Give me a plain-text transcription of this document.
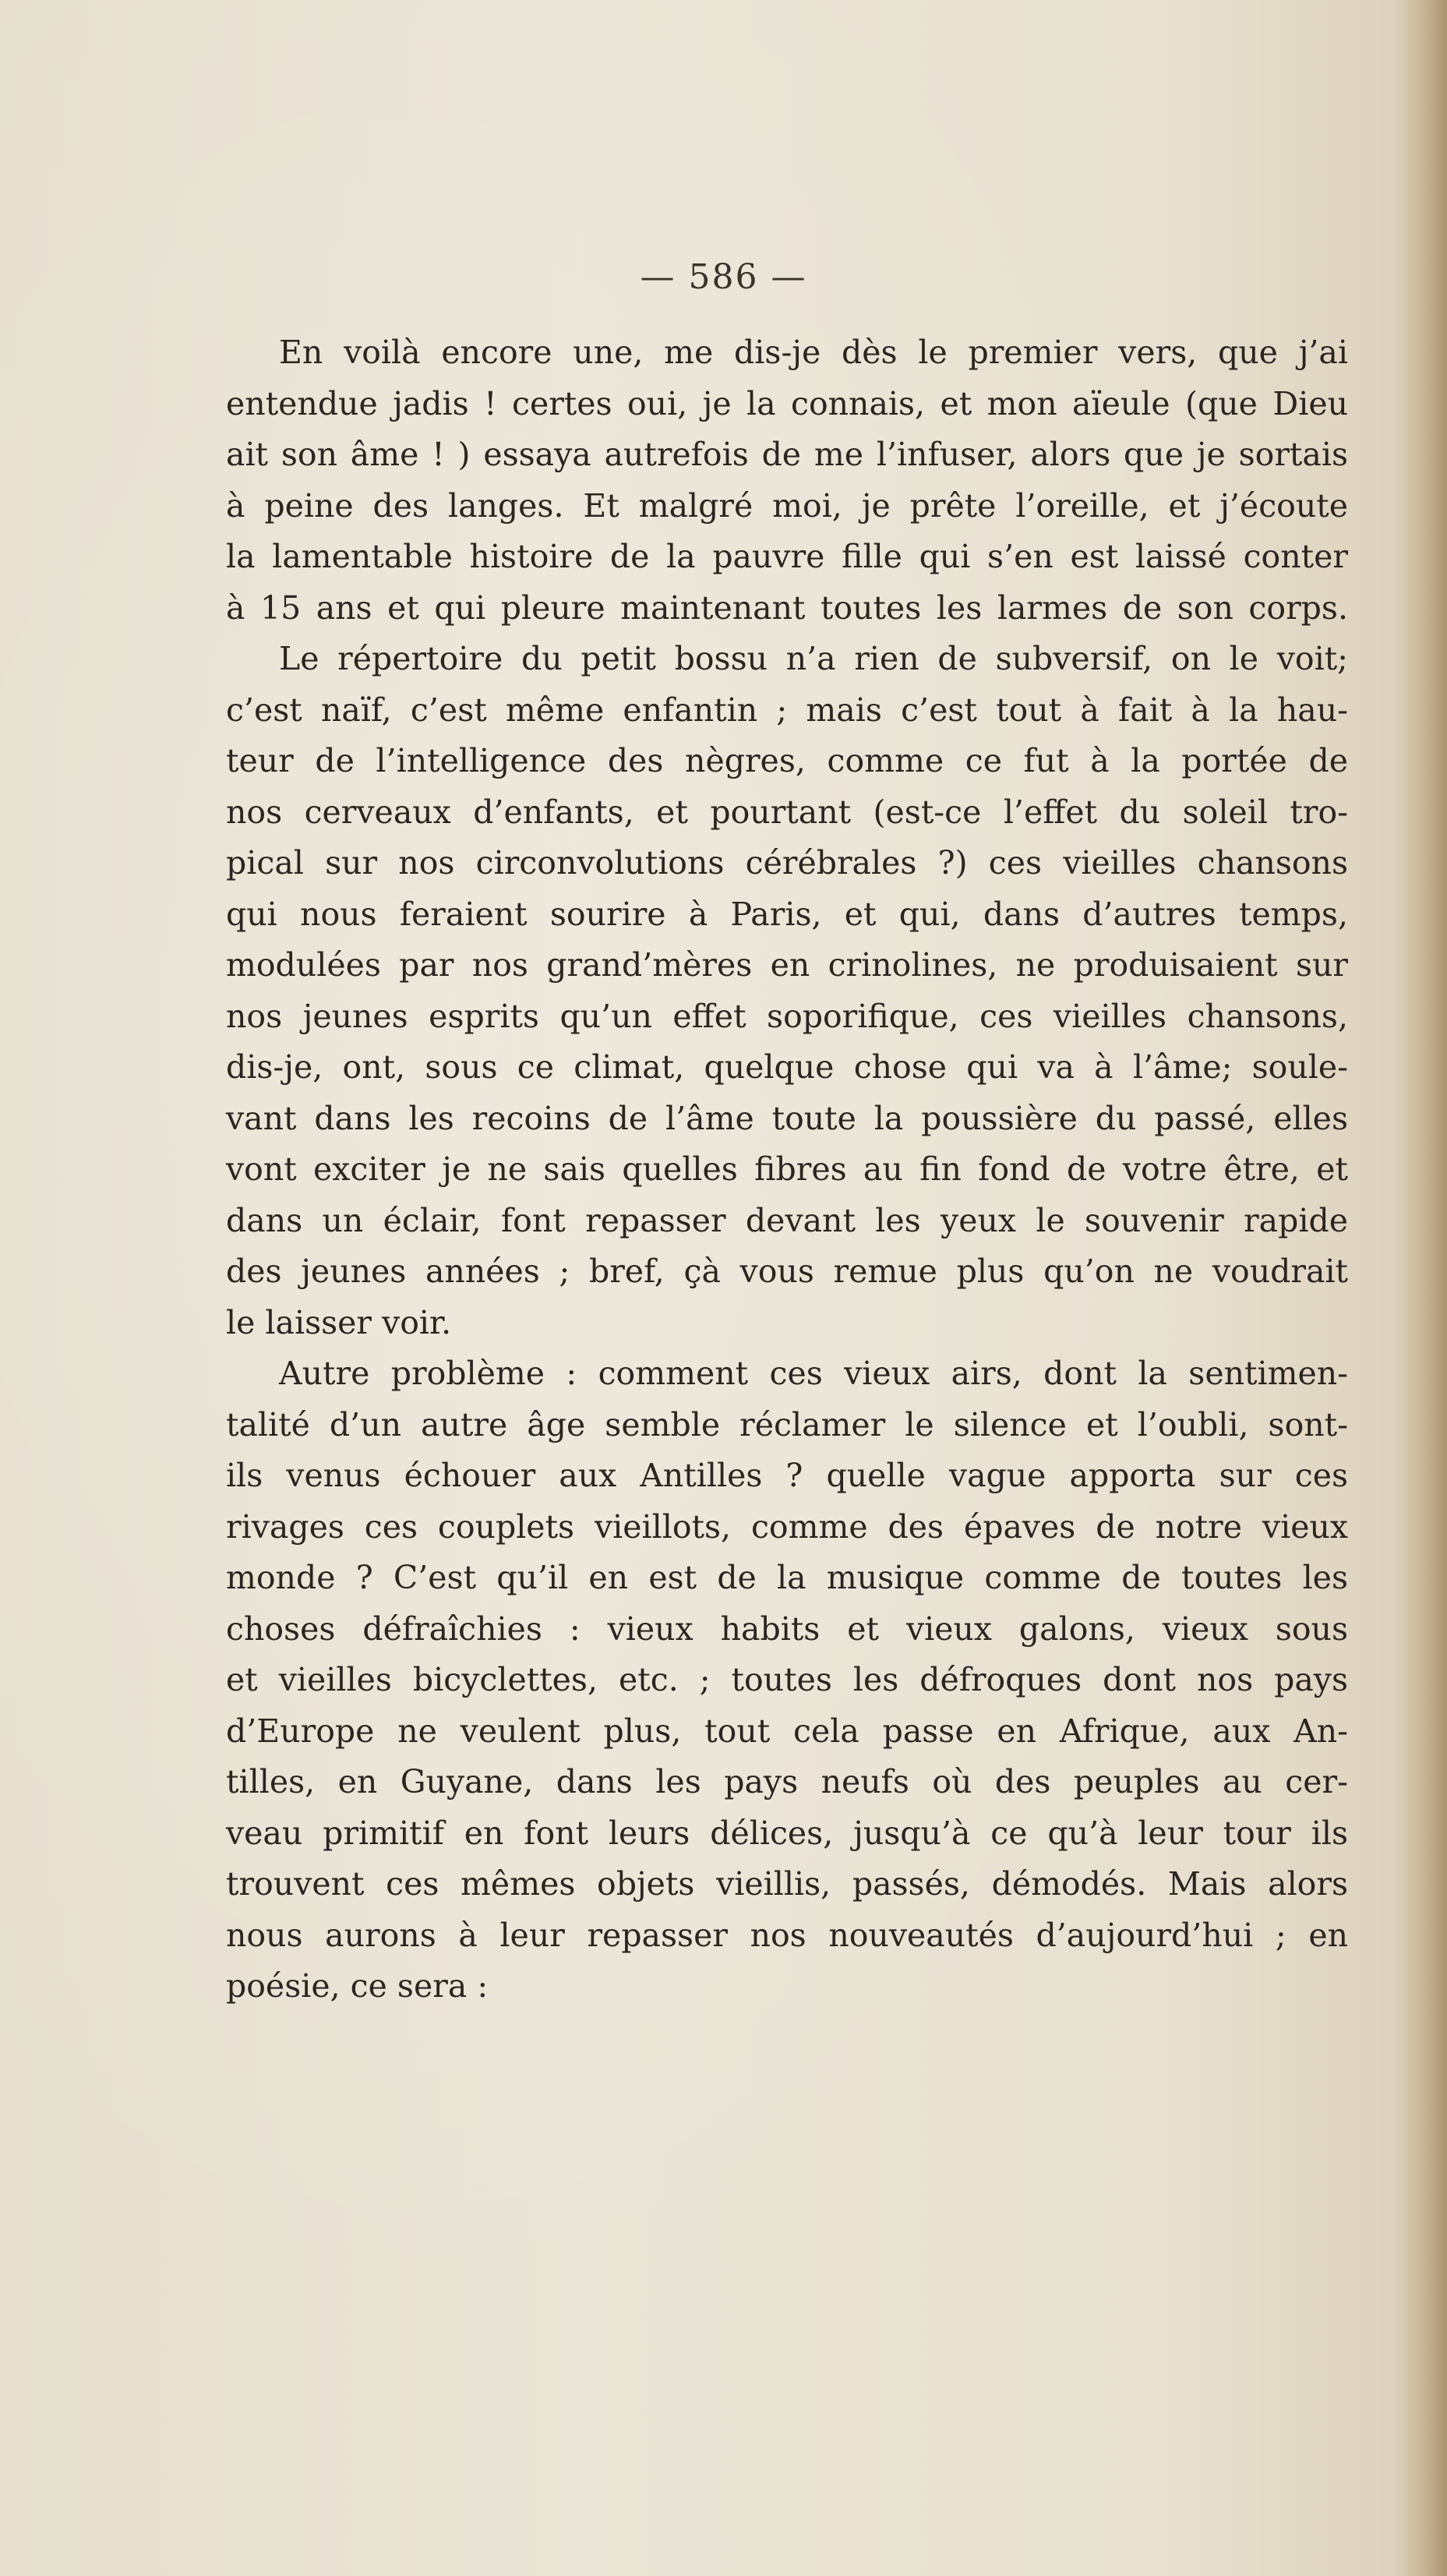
— 586 —

En voilà encore une, me dis-je dès le premier vers, que j’ai
entendue jadis ! certes oui, je la connais, et mon aïeule (que Dieu
ait son âme ! ) essaya autrefois de me l’infuser, alors que je sortais
à peine des langes. Et malgré moi, je prête l’oreille, et j’écoute
la lamentable histoire de la pauvre fille qui s’en est laissé conter
à 15 ans et qui pleure maintenant toutes les larmes de son corps.

Le répertoire du petit bossu n’a rien de subversif, on le voit;
c’est naïf, c’est même enfantin ; mais c’est tout à fait à la hau-
teur de l’intelligence des nègres, comme ce fut à la portée de
nos cerveaux d’enfants, et pourtant (est-ce l’effet du soleil tro-
pical sur nos circonvolutions cérébrales ?) ces vieilles chansons
qui nous feraient sourire à Paris, et qui, dans d’autres temps,
modulées par nos grand’mères en crinolines, ne produisaient sur
nos jeunes esprits qu’un effet soporifique, ces vieilles chansons,
dis-je, ont, sous ce climat, quelque chose qui va à l’âme; soule-
vant dans les recoins de l’âme toute la poussière du passé, elles
vont exciter je ne sais quelles fibres au fin fond de votre être, et
dans un éclair, font repasser devant les yeux le souvenir rapide
des jeunes années ; bref, çà vous remue plus qu’on ne voudrait
le laisser voir.

Autre problème : comment ces vieux airs, dont la sentimen-
talité d’un autre âge semble réclamer le silence et l’oubli, sont-
ils venus échouer aux Antilles ? quelle vague apporta sur ces
rivages ces couplets vieillots, comme des épaves de notre vieux
monde ? C’est qu’il en est de la musique comme de toutes les
choses défraîchies : vieux habits et vieux galons, vieux sous
et vieilles bicyclettes, etc. ; toutes les défroques dont nos pays
d’Europe ne veulent plus, tout cela passe en Afrique, aux An-
tilles, en Guyane, dans les pays neufs où des peuples au cer-
veau primitif en font leurs délices, jusqu’à ce qu’à leur tour ils
trouvent ces mêmes objets vieillis, passés, démodés. Mais alors
nous aurons à leur repasser nos nouveautés d’aujourd’hui ; en
poésie, ce sera :
